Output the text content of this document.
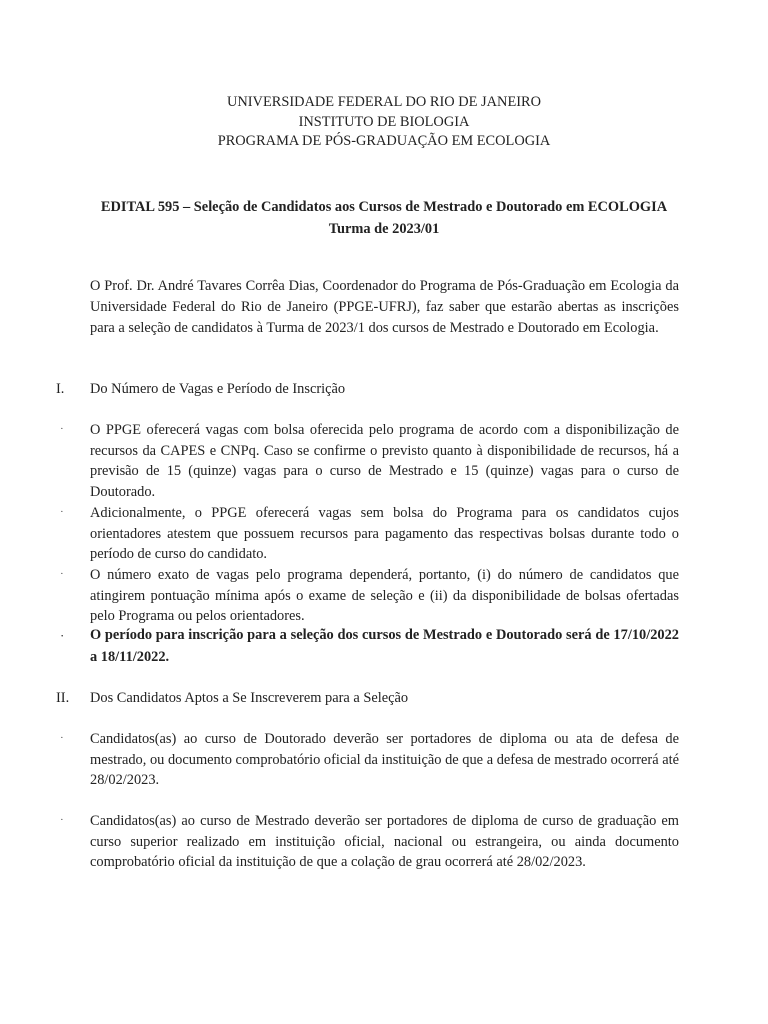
UNIVERSIDADE FEDERAL DO RIO DE JANEIRO
INSTITUTO DE BIOLOGIA
PROGRAMA DE PÓS-GRADUAÇÃO EM ECOLOGIA
EDITAL 595 – Seleção de Candidatos aos Cursos de Mestrado e Doutorado em ECOLOGIA Turma de 2023/01
O Prof. Dr. André Tavares Corrêa Dias, Coordenador do Programa de Pós-Graduação em Ecologia da Universidade Federal do Rio de Janeiro (PPGE-UFRJ), faz saber que estarão abertas as inscrições para a seleção de candidatos à Turma de 2023/1 dos cursos de Mestrado e Doutorado em Ecologia.
I. Do Número de Vagas e Período de Inscrição
· O PPGE oferecerá vagas com bolsa oferecida pelo programa de acordo com a disponibilização de recursos da CAPES e CNPq. Caso se confirme o previsto quanto à disponibilidade de recursos, há a previsão de 15 (quinze) vagas para o curso de Mestrado e 15 (quinze) vagas para o curso de Doutorado.
· Adicionalmente, o PPGE oferecerá vagas sem bolsa do Programa para os candidatos cujos orientadores atestem que possuem recursos para pagamento das respectivas bolsas durante todo o período de curso do candidato.
· O número exato de vagas pelo programa dependerá, portanto, (i) do número de candidatos que atingirem pontuação mínima após o exame de seleção e (ii) da disponibilidade de bolsas ofertadas pelo Programa ou pelos orientadores.
· O período para inscrição para a seleção dos cursos de Mestrado e Doutorado será de 17/10/2022 a 18/11/2022.
II. Dos Candidatos Aptos a Se Inscreverem para a Seleção
· Candidatos(as) ao curso de Doutorado deverão ser portadores de diploma ou ata de defesa de mestrado, ou documento comprobatório oficial da instituição de que a defesa de mestrado ocorrerá até 28/02/2023.
· Candidatos(as) ao curso de Mestrado deverão ser portadores de diploma de curso de graduação em curso superior realizado em instituição oficial, nacional ou estrangeira, ou ainda documento comprobatório oficial da instituição de que a colação de grau ocorrerá até 28/02/2023.
